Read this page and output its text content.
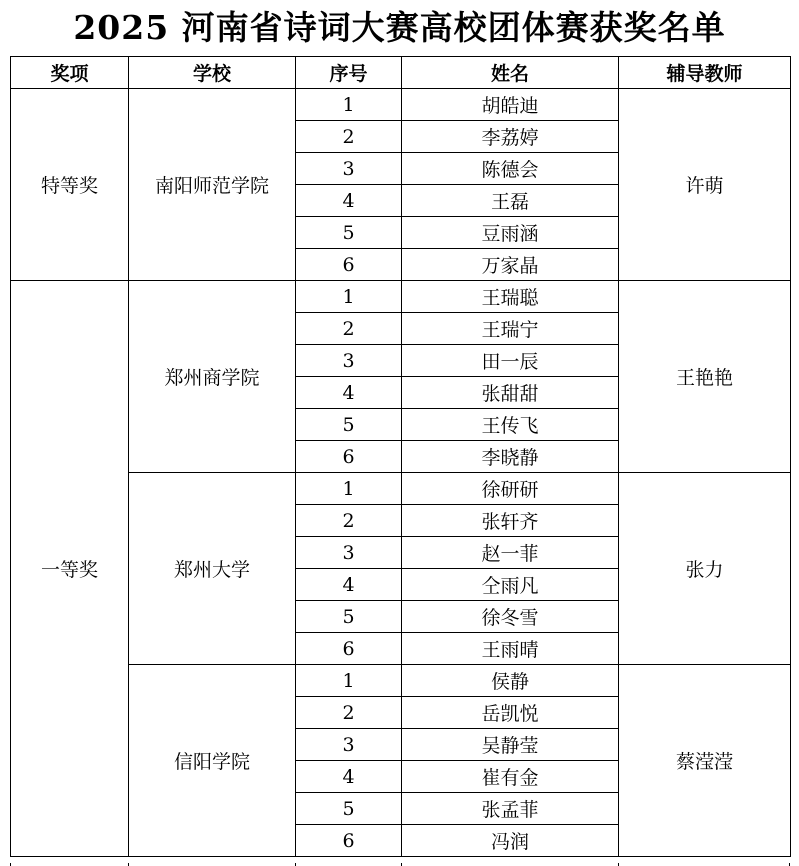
2025 河南省诗词大赛高校团体赛获奖名单
奖项	学校	序号	姓名	辅导教师
特等奖	南阳师范学院	1	胡皓迪	许萌
		2	李荔婷	
		3	陈德会	
		4	王磊	
		5	豆雨涵	
		6	万家晶	
一等奖	郑州商学院	1	王瑞聪	王艳艳
		2	王瑞宁	
		3	田一辰	
		4	张甜甜	
		5	王传飞	
		6	李晓静	
	郑州大学	1	徐研研	张力
		2	张轩齐	
		3	赵一菲	
		4	仝雨凡	
		5	徐冬雪	
		6	王雨晴	
	信阳学院	1	侯静	蔡滢滢
		2	岳凯悦	
		3	吴静莹	
		4	崔有金	
		5	张孟菲	
		6	冯润	
